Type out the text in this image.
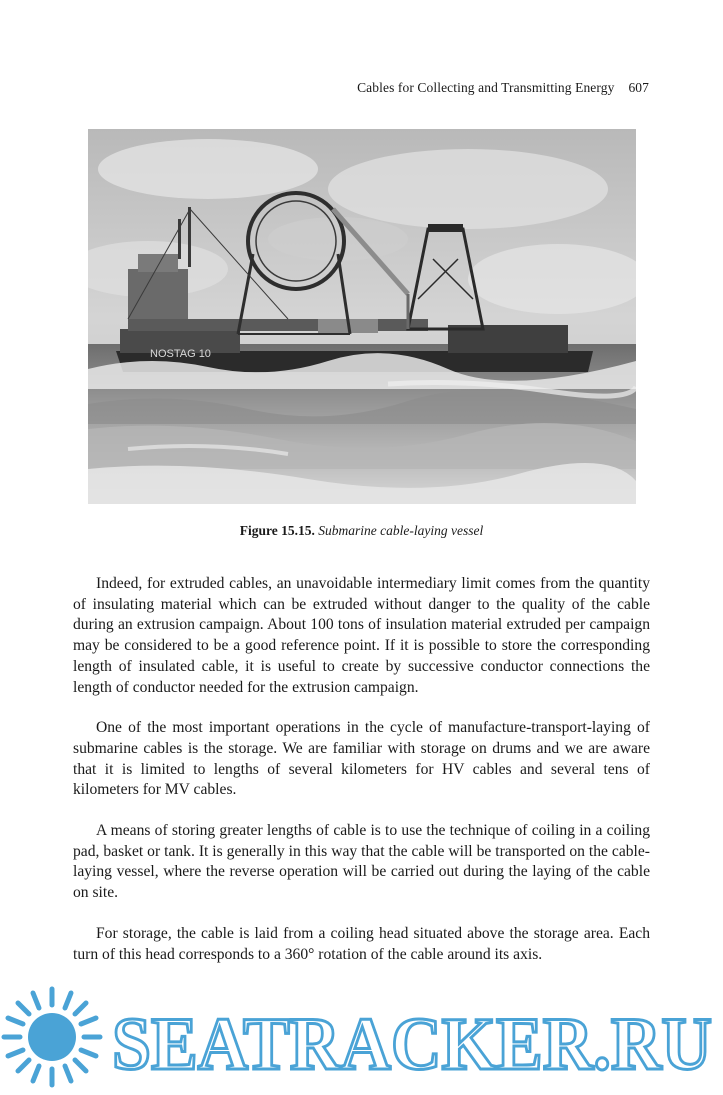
Cables for Collecting and Transmitting Energy 607
NOSTAG 10
Figure 15.15. Submarine cable-laying vessel

Indeed, for extruded cables, an unavoidable intermediary limit comes from the quantity of insulating material which can be extruded without danger to the quality of the cable during an extrusion campaign. About 100 tons of insulation material extruded per campaign may be considered to be a good reference point. If it is possible to store the corresponding length of insulated cable, it is useful to create by successive conductor connections the length of conductor needed for the extrusion campaign.

One of the most important operations in the cycle of manufacture-transport-laying of submarine cables is the storage. We are familiar with storage on drums and we are aware that it is limited to lengths of several kilometers for HV cables and several tens of kilometers for MV cables.

A means of storing greater lengths of cable is to use the technique of coiling in a coiling pad, basket or tank. It is generally in this way that the cable will be transported on the cable-laying vessel, where the reverse operation will be carried out during the laying of the cable on site.

For storage, the cable is laid from a coiling head situated above the storage area. Each turn of this head corresponds to a 360° rotation of the cable around its axis.

SEATRACKER.RU
